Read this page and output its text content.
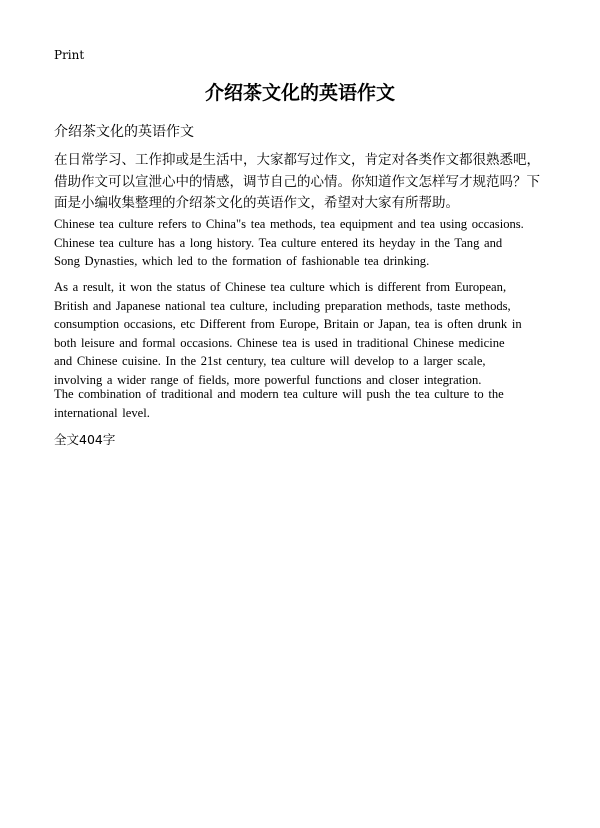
Print
介绍茶文化的英语作文
介绍茶文化的英语作文
在日常学习、工作抑或是生活中，大家都写过作文，肯定对各类作文都很熟悉吧，
借助作文可以宣泄心中的情感，调节自己的心情。你知道作文怎样写才规范吗？下
面是小编收集整理的介绍茶文化的英语作文，希望对大家有所帮助。
Chinese tea culture refers to China"s tea methods, tea equipment and tea using occasions.
Chinese tea culture has a long history. Tea culture entered its heyday in the Tang and
Song Dynasties, which led to the formation of fashionable tea drinking.
As a result, it won the status of Chinese tea culture which is different from European,
British and Japanese national tea culture, including preparation methods, taste methods,
consumption occasions, etc Different from Europe, Britain or Japan, tea is often drunk in
both leisure and formal occasions. Chinese tea is used in traditional Chinese medicine
and Chinese cuisine. In the 21st century, tea culture will develop to a larger scale,
involving a wider range of fields, more powerful functions and closer integration.
The combination of traditional and modern tea culture will push the tea culture to the
international level.
全文404字
